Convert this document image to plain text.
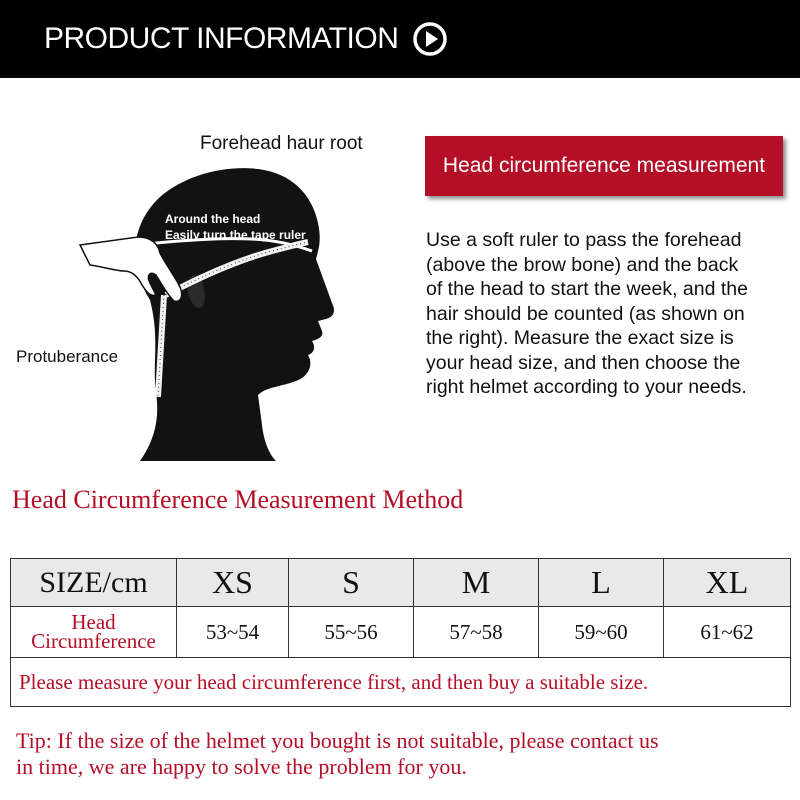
PRODUCT INFORMATION
Forehead haur root
Around the head
Easily turn the tape ruler
Protuberance
Head circumference measurement
Use a soft ruler to pass the forehead
(above the brow bone) and the back
of the head to start the week, and the
hair should be counted (as shown on
the right). Measure the exact size is
your head size, and then choose the
right helmet according to your needs.
Head Circumference Measurement Method
SIZE/cm	XS	S	M	L	XL

Head
Circumference	53~54	55~56	57~58	59~60	61~62
Please measure your head circumference first, and then buy a suitable size.					
Tip: If the size of the helmet you bought is not suitable, please contact us
in time, we are happy to solve the problem for you.
